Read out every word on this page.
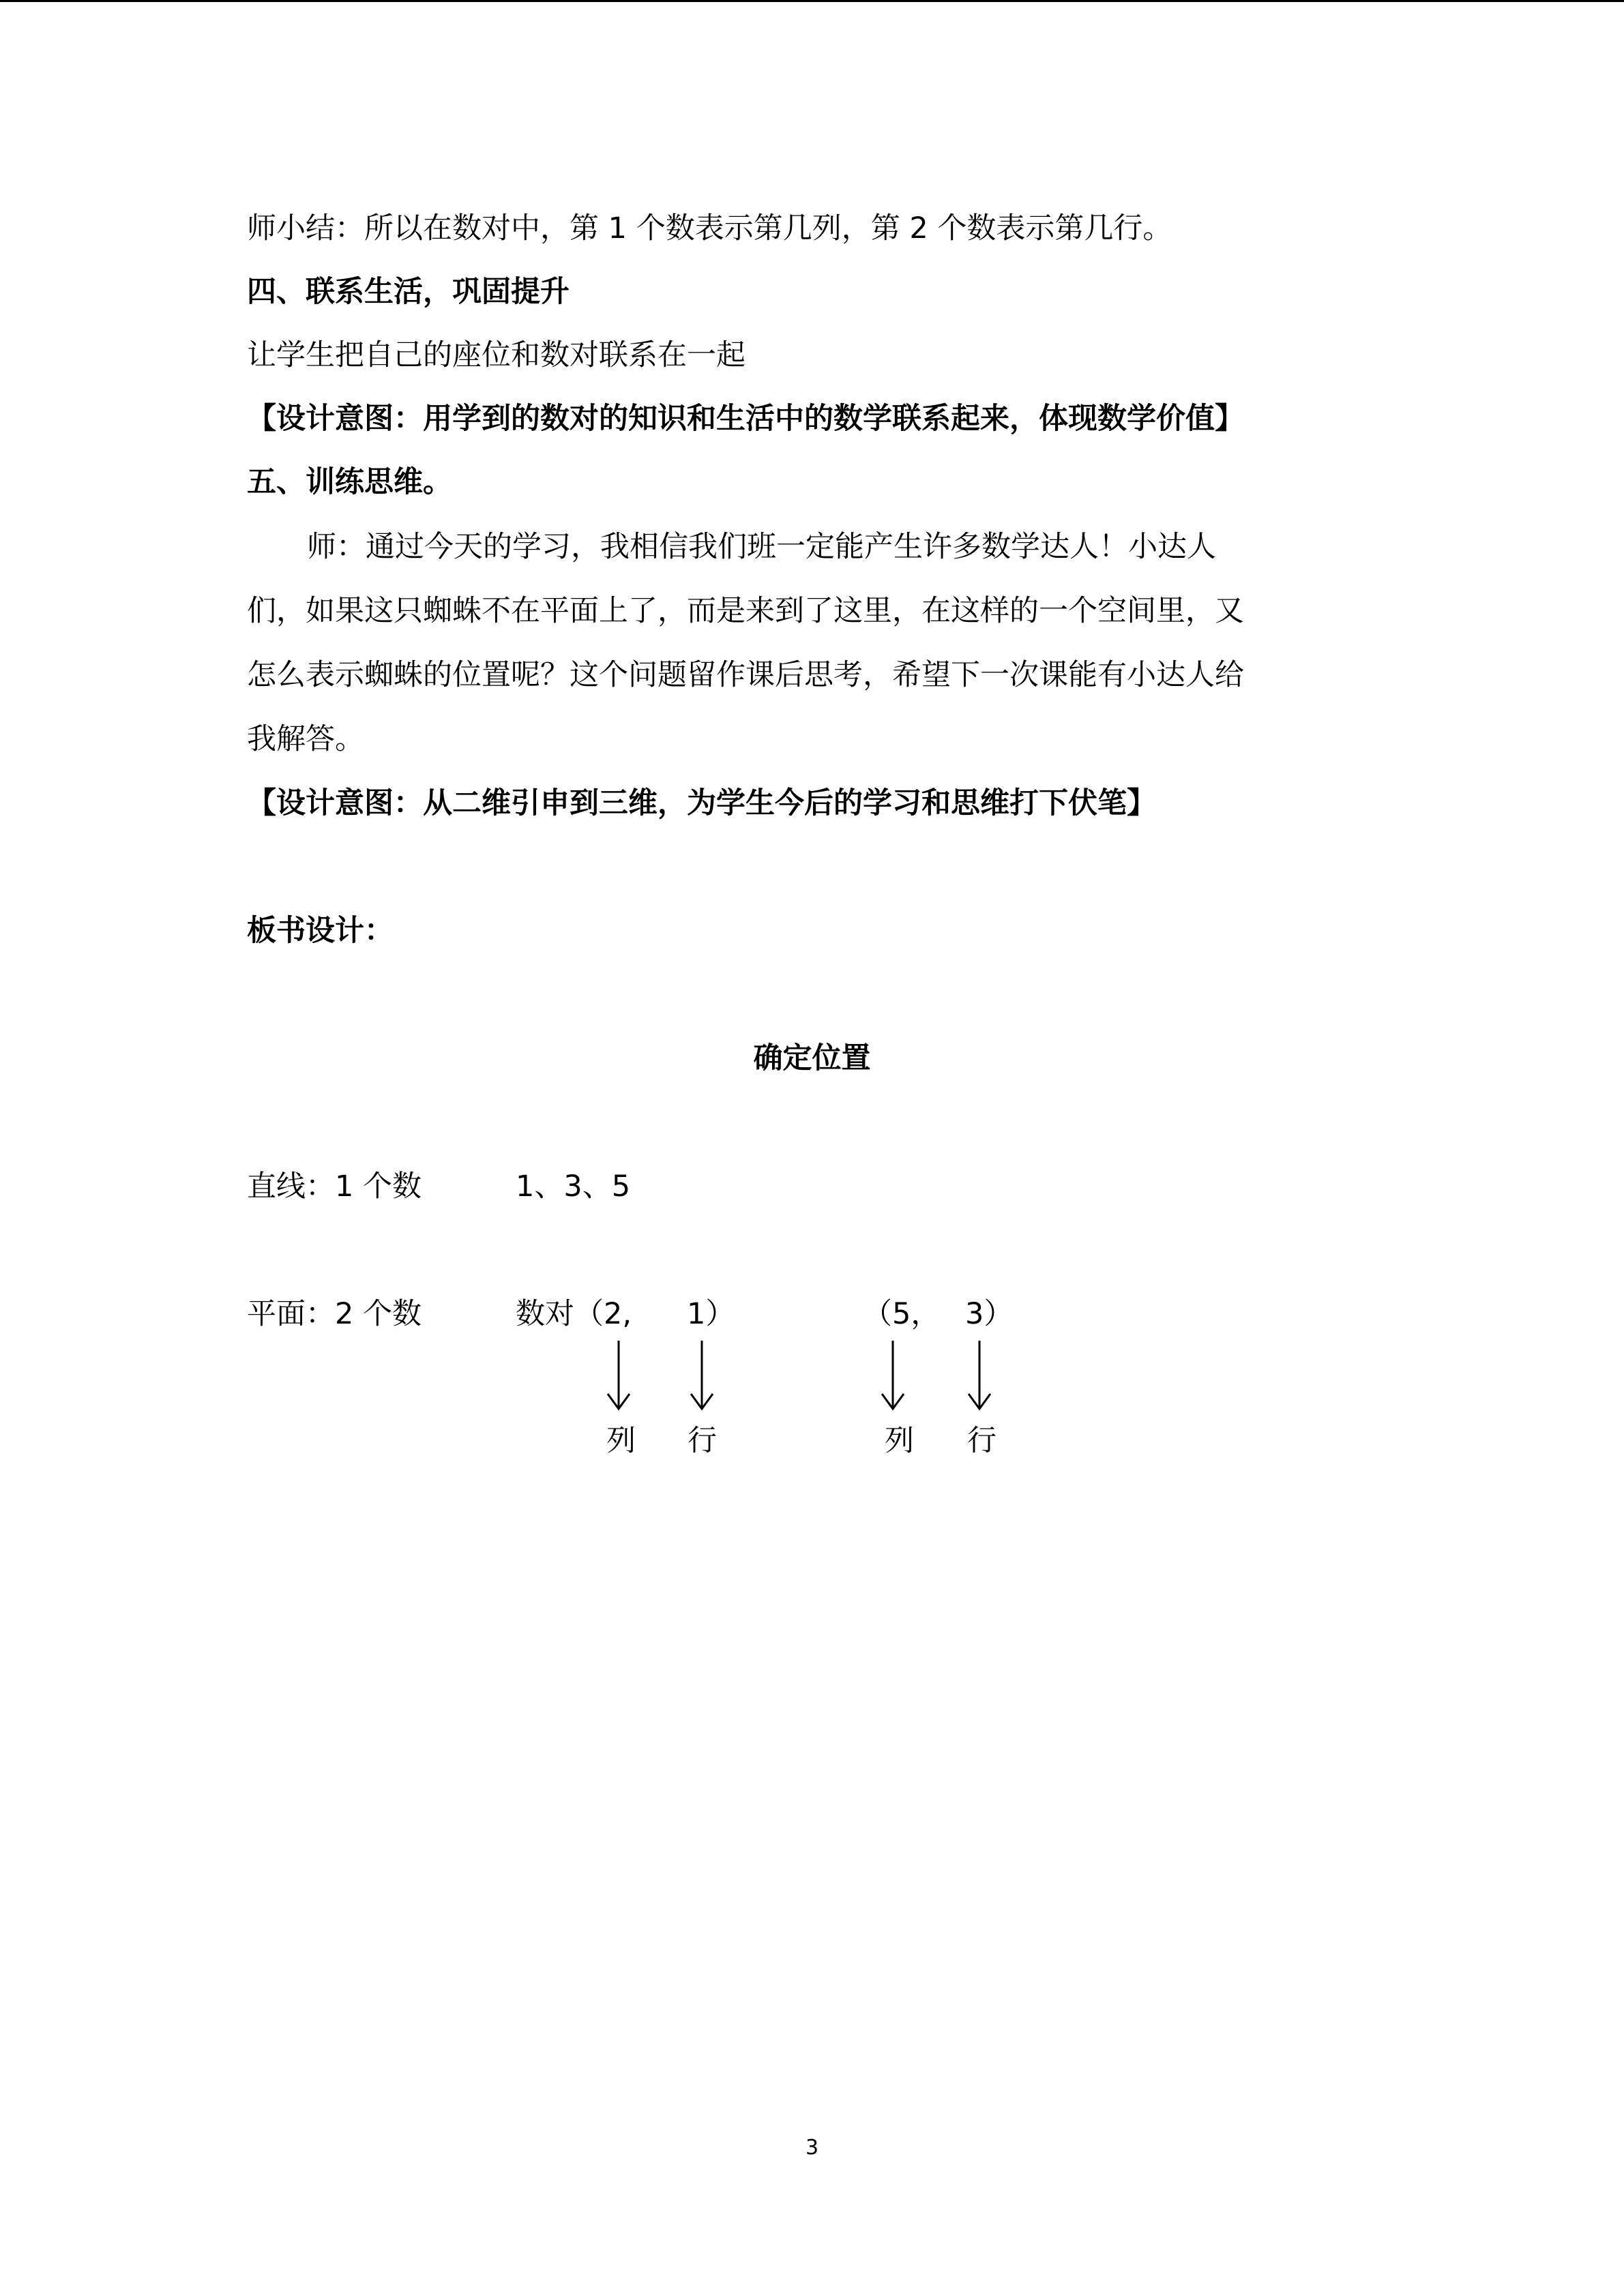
师小结：所以在数对中，第 1 个数表示第几列，第 2 个数表示第几行。

四、联系生活，巩固提升

让学生把自己的座位和数对联系在一起

【设计意图：用学到的数对的知识和生活中的数学联系起来，体现数学价值】

五、训练思维。

师：通过今天的学习，我相信我们班一定能产生许多数学达人！小达人

们，如果这只蜘蛛不在平面上了，而是来到了这里，在这样的一个空间里，又

怎么表示蜘蛛的位置呢？这个问题留作课后思考，希望下一次课能有小达人给

我解答。

【设计意图：从二维引申到三维，为学生今后的学习和思维打下伏笔】

板书设计：

确定位置

直线：1 个数	1、3、5
平面：2 个数	数对（2, 1）	（5， 3）
列 行	列 行

3
